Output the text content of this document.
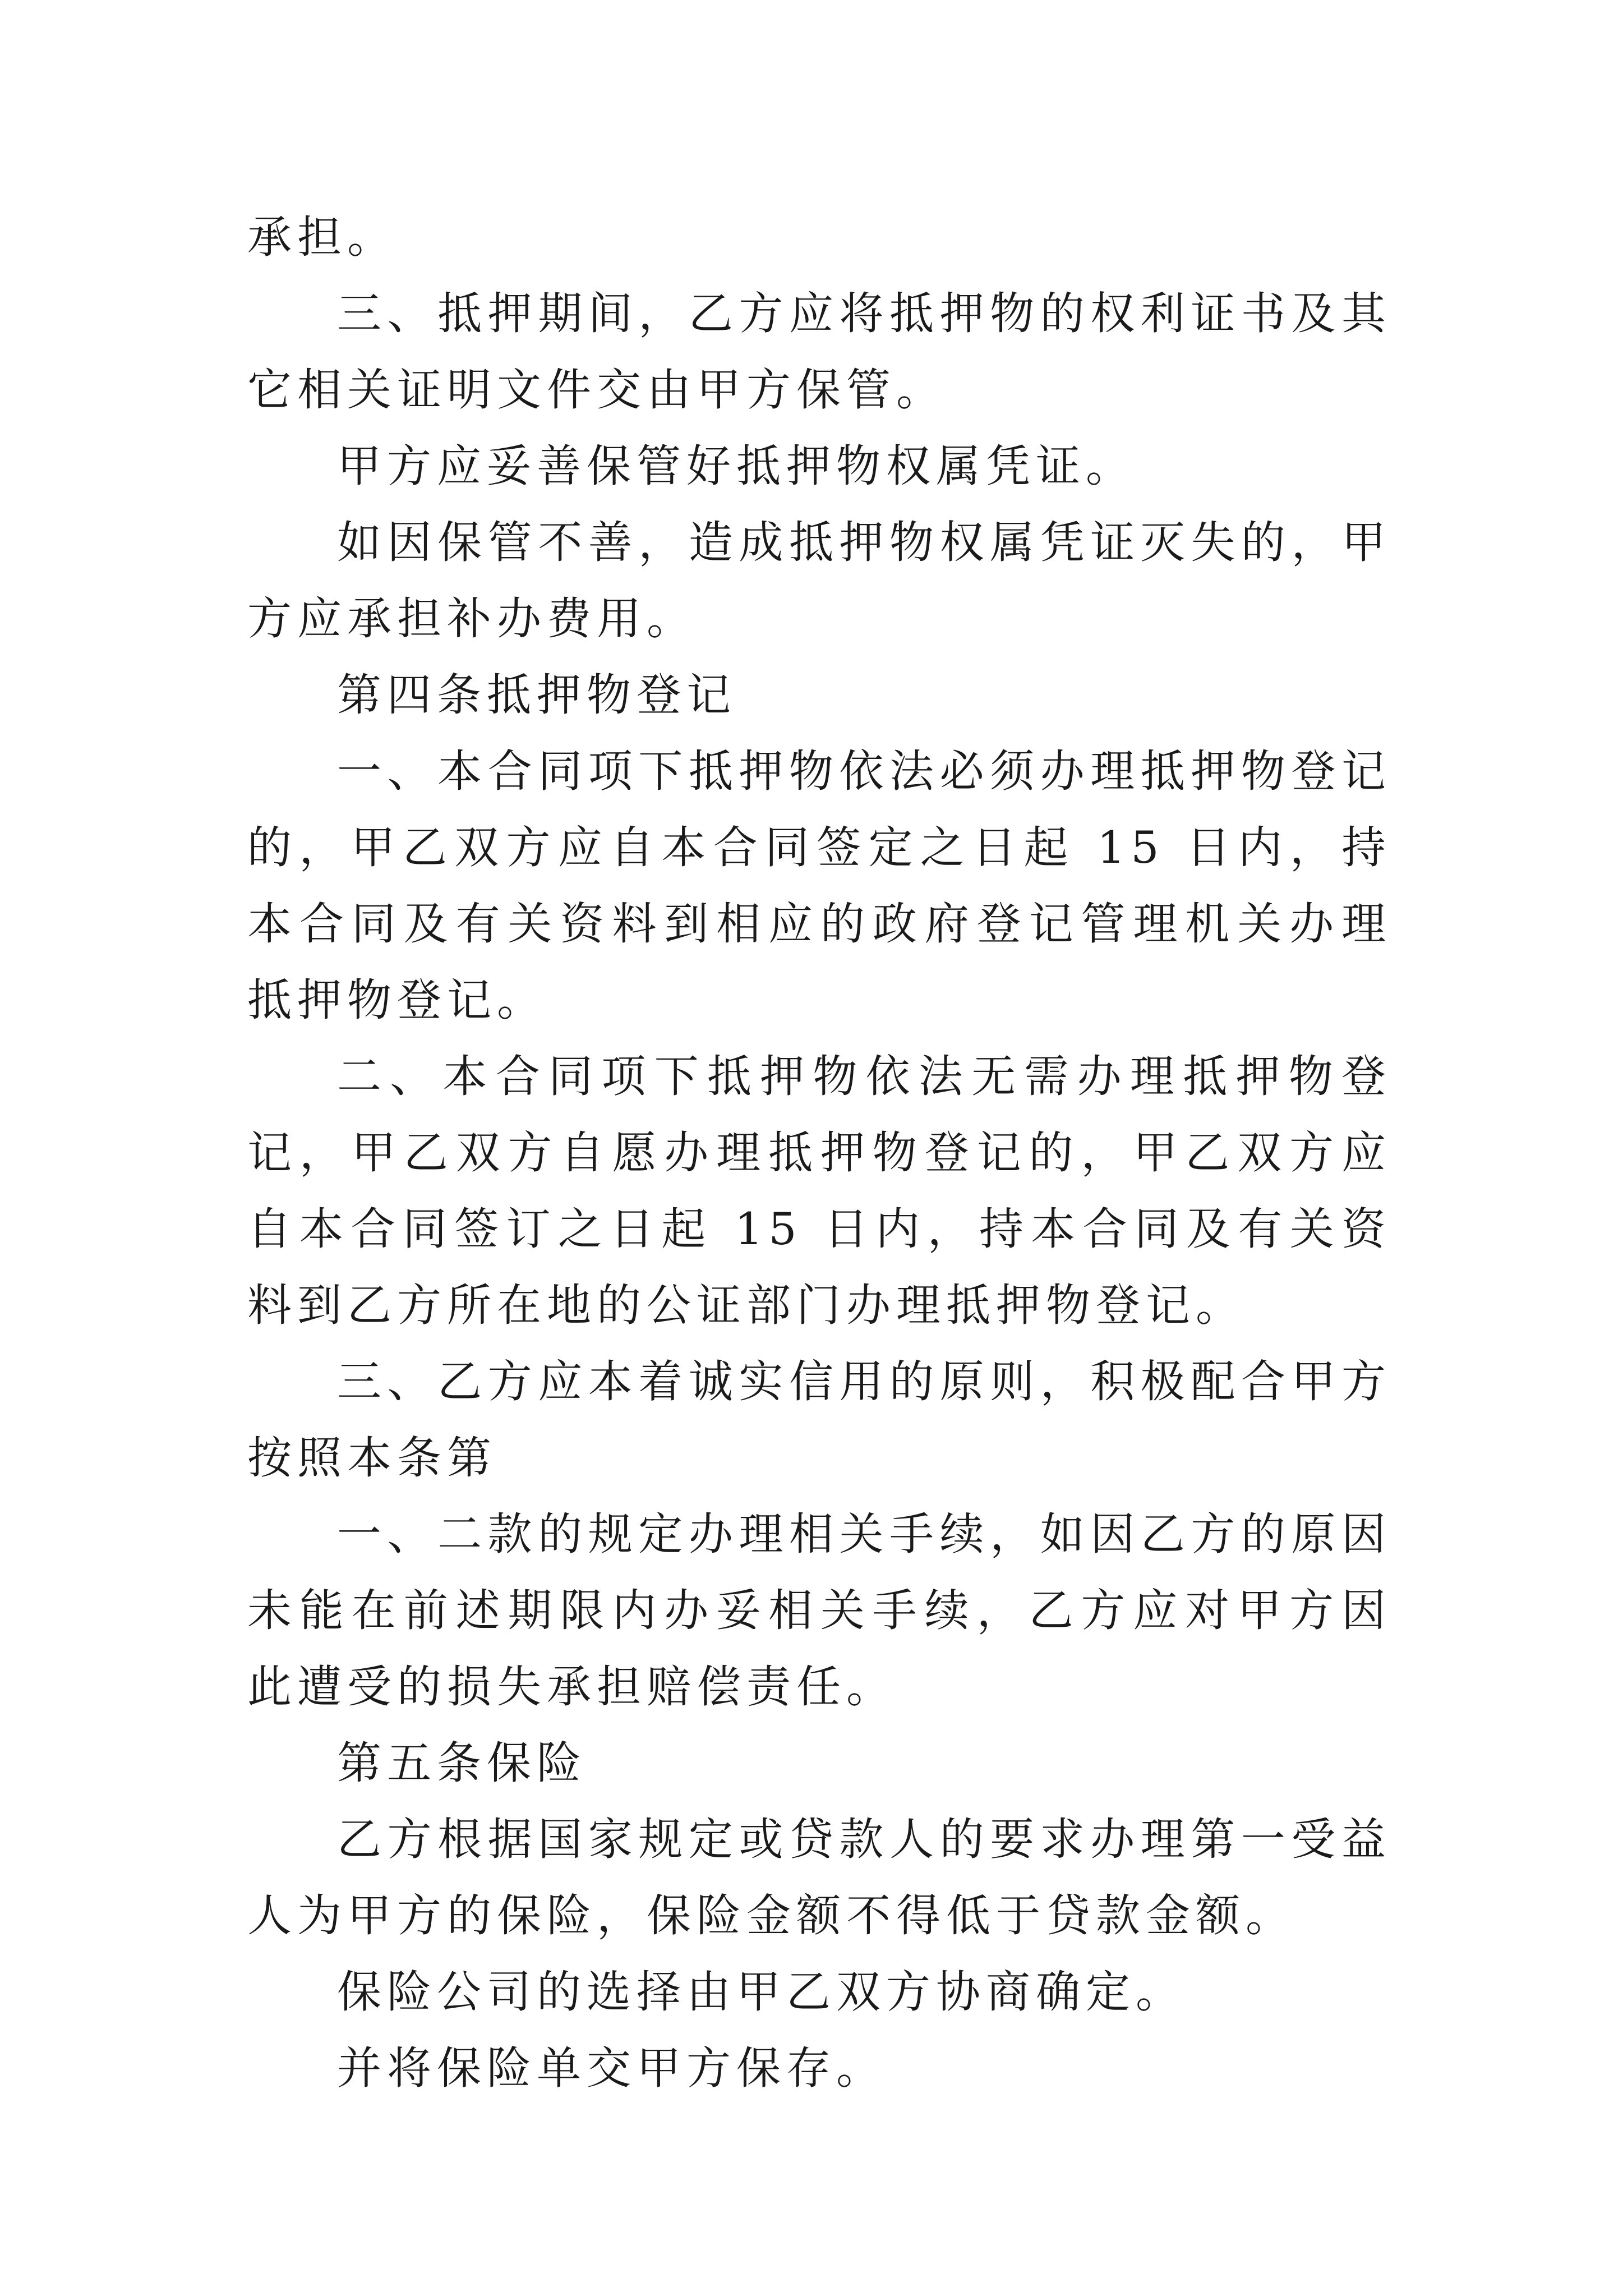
承担。

三、抵押期间，乙方应将抵押物的权利证书及其它相关证明文件交由甲方保管。

甲方应妥善保管好抵押物权属凭证。

如因保管不善，造成抵押物权属凭证灭失的，甲方应承担补办费用。

第四条抵押物登记

一、本合同项下抵押物依法必须办理抵押物登记的，甲乙双方应自本合同签定之日起 15 日内，持本合同及有关资料到相应的政府登记管理机关办理抵押物登记。

二、本合同项下抵押物依法无需办理抵押物登记，甲乙双方自愿办理抵押物登记的，甲乙双方应自本合同签订之日起 15 日内，持本合同及有关资料到乙方所在地的公证部门办理抵押物登记。

三、乙方应本着诚实信用的原则，积极配合甲方按照本条第

一、二款的规定办理相关手续，如因乙方的原因未能在前述期限内办妥相关手续，乙方应对甲方因此遭受的损失承担赔偿责任。

第五条保险

乙方根据国家规定或贷款人的要求办理第一受益人为甲方的保险，保险金额不得低于贷款金额。

保险公司的选择由甲乙双方协商确定。

并将保险单交甲方保存。
